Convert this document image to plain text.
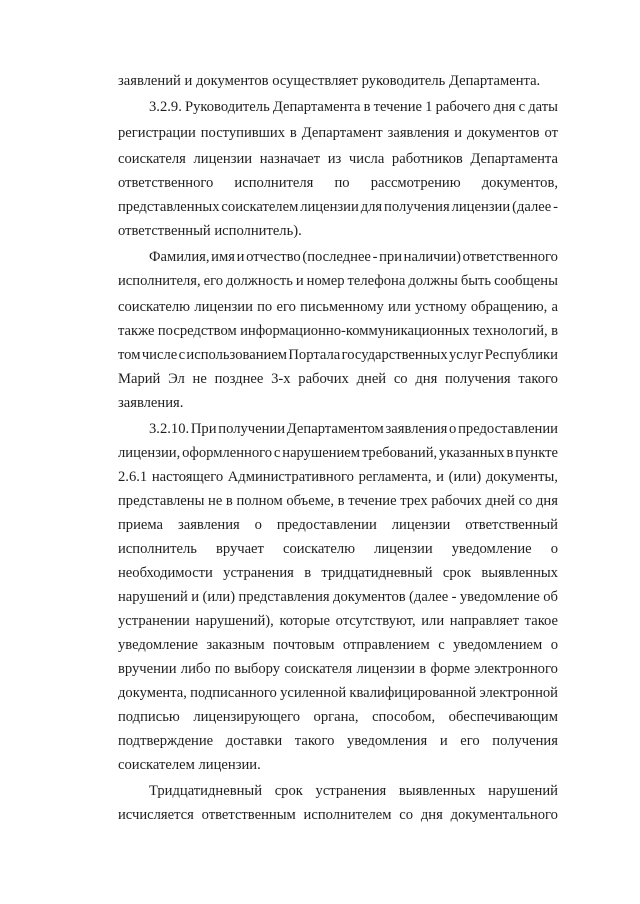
заявлений и документов осуществляет руководитель Департамента.

3.2.9. Руководитель Департамента в течение 1 рабочего дня с даты

регистрации поступивших в Департамент заявления и документов от

соискателя лицензии назначает из числа работников Департамента

ответственного исполнителя по рассмотрению документов,

представленных соискателем лицензии для получения лицензии (далее -

ответственный исполнитель).

Фамилия, имя и отчество (последнее - при наличии) ответственного

исполнителя, его должность и номер телефона должны быть сообщены

соискателю лицензии по его письменному или устному обращению, а

также посредством информационно-коммуникационных технологий, в

том числе с использованием Портала государственных услуг Республики

Марий Эл не позднее 3-х рабочих дней со дня получения такого

заявления.

3.2.10. При получении Департаментом заявления о предоставлении

лицензии, оформленного с нарушением требований, указанных в пункте

2.6.1 настоящего Административного регламента, и (или) документы,

представлены не в полном объеме, в течение трех рабочих дней со дня

приема заявления о предоставлении лицензии ответственный
исполнитель вручает соискателю лицензии уведомление о

необходимости устранения в тридцатидневный срок выявленных

нарушений и (или) представления документов (далее - уведомление об

устранении нарушений), которые отсутствуют, или направляет такое

уведомление заказным почтовым отправлением с уведомлением о

вручении либо по выбору соискателя лицензии в форме электронного

документа, подписанного усиленной квалифицированной электронной

подписью лицензирующего органа, способом, обеспечивающим
подтверждение доставки такого уведомления и его получения

соискателем лицензии.

Тридцатидневный срок устранения выявленных нарушений

исчисляется ответственным исполнителем со дня документального
